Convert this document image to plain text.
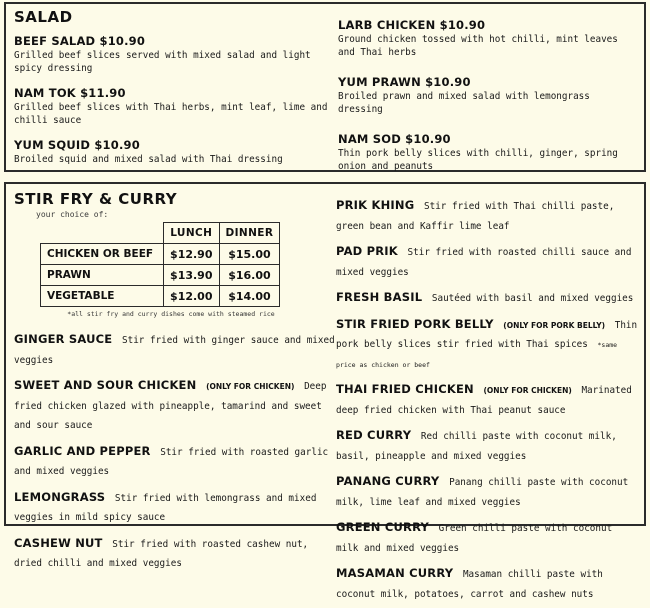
SALAD
BEEF SALAD $10.90
Grilled beef slices served with mixed salad and light spicy dressing
NAM TOK $11.90
Grilled beef slices with Thai herbs, mint leaf, lime and chilli sauce
YUM SQUID $10.90
Broiled squid and mixed salad with Thai dressing
LARB CHICKEN $10.90
Ground chicken tossed with hot chilli, mint leaves and Thai herbs
YUM PRAWN $10.90
Broiled prawn and mixed salad with lemongrass dressing
NAM SOD $10.90
Thin pork belly slices with chilli, ginger, spring onion and peanuts
STIR FRY & CURRY
your choice of:
	LUNCH	DINNER
CHICKEN OR BEEF	$12.90	$15.00
PRAWN	$13.90	$16.00
VEGETABLE	$12.00	$14.00
*all stir fry and curry dishes come with steamed rice
GINGER SAUCE Stir fried with ginger sauce and mixed veggies
SWEET AND SOUR CHICKEN (ONLY FOR CHICKEN) Deep fried chicken glazed with pineapple, tamarind and sweet and sour sauce
GARLIC AND PEPPER Stir fried with roasted garlic and mixed veggies
LEMONGRASS Stir fried with lemongrass and mixed veggies in mild spicy sauce
CASHEW NUT Stir fried with roasted cashew nut, dried chilli and mixed veggies
PRIK KHING Stir fried with Thai chilli paste, green bean and Kaffir lime leaf
PAD PRIK Stir fried with roasted chilli sauce and mixed veggies
FRESH BASIL Sautéed with basil and mixed veggies
STIR FRIED PORK BELLY (ONLY FOR PORK BELLY) Thin pork belly slices stir fried with Thai spices *same price as chicken or beef
THAI FRIED CHICKEN (ONLY FOR CHICKEN) Marinated deep fried chicken with Thai peanut sauce
RED CURRY Red chilli paste with coconut milk, basil, pineapple and mixed veggies
PANANG CURRY Panang chilli paste with coconut milk, lime leaf and mixed veggies
GREEN CURRY Green chilli paste with coconut milk and mixed veggies
MASAMAN CURRY Masaman chilli paste with coconut milk, potatoes, carrot and cashew nuts
